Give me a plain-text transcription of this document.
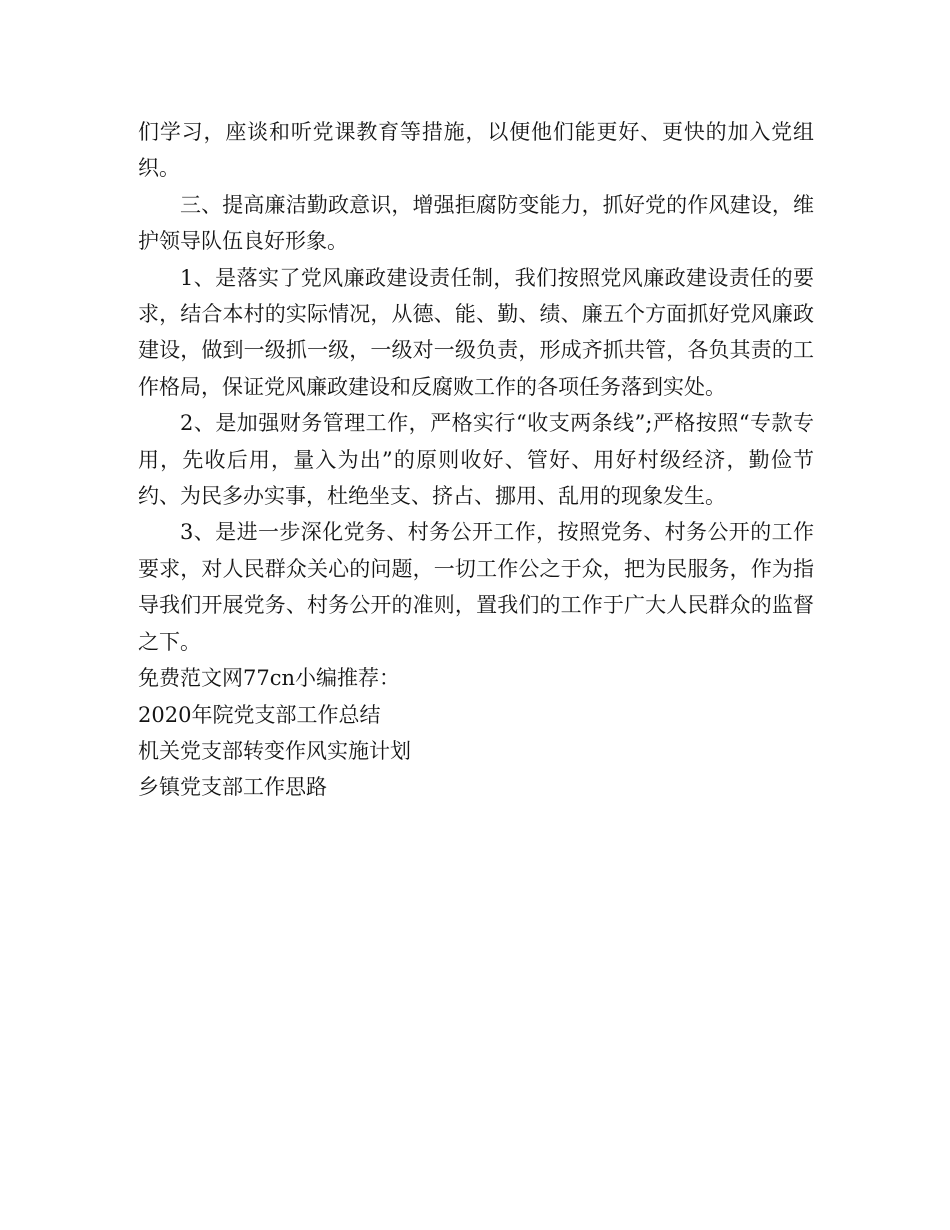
们学习，座谈和听党课教育等措施，以便他们能更好、更快的加入党组织。

三、提高廉洁勤政意识，增强拒腐防变能力，抓好党的作风建设，维护领导队伍良好形象。

1、是落实了党风廉政建设责任制，我们按照党风廉政建设责任的要求，结合本村的实际情况，从德、能、勤、绩、廉五个方面抓好党风廉政建设，做到一级抓一级，一级对一级负责，形成齐抓共管，各负其责的工作格局，保证党风廉政建设和反腐败工作的各项任务落到实处。

2、是加强财务管理工作，严格实行“收支两条线”;严格按照“专款专用，先收后用，量入为出”的原则收好、管好、用好村级经济，勤俭节约、为民多办实事，杜绝坐支、挤占、挪用、乱用的现象发生。

3、是进一步深化党务、村务公开工作，按照党务、村务公开的工作要求，对人民群众关心的问题，一切工作公之于众，把为民服务，作为指导我们开展党务、村务公开的准则，置我们的工作于广大人民群众的监督之下。

免费范文网77cn小编推荐：

2020年院党支部工作总结

机关党支部转变作风实施计划

乡镇党支部工作思路
